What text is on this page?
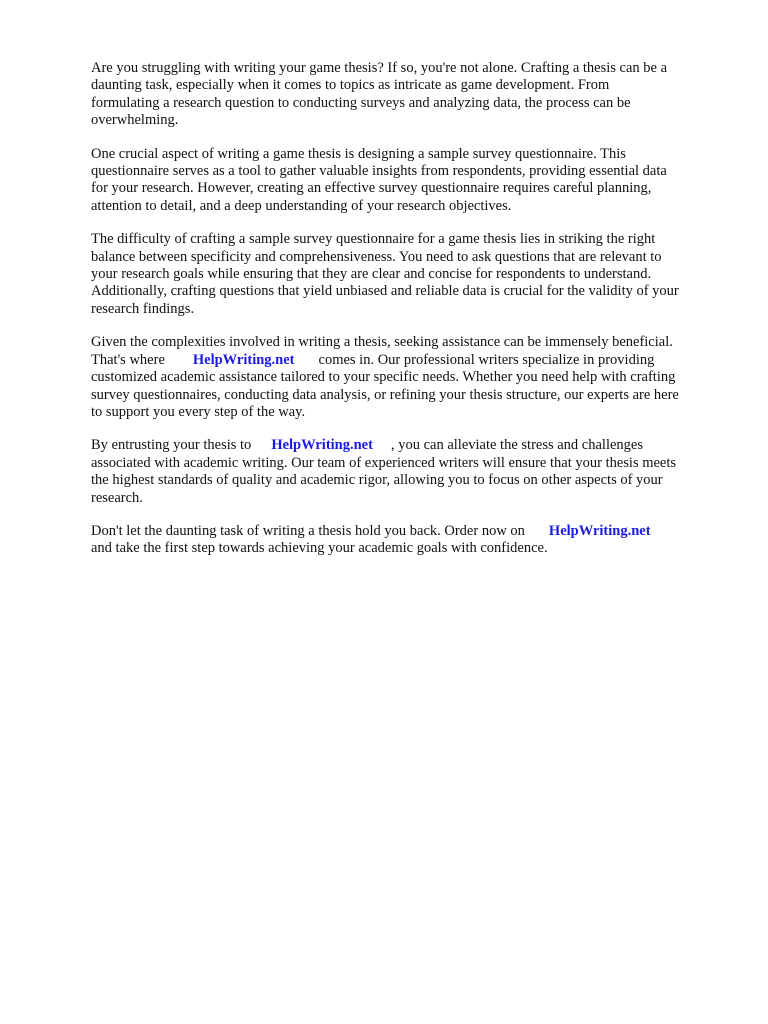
Are you struggling with writing your game thesis? If so, you're not alone. Crafting a thesis can be a
daunting task, especially when it comes to topics as intricate as game development. From
formulating a research question to conducting surveys and analyzing data, the process can be
overwhelming.

One crucial aspect of writing a game thesis is designing a sample survey questionnaire. This
questionnaire serves as a tool to gather valuable insights from respondents, providing essential data
for your research. However, creating an effective survey questionnaire requires careful planning,
attention to detail, and a deep understanding of your research objectives.

The difficulty of crafting a sample survey questionnaire for a game thesis lies in striking the right
balance between specificity and comprehensiveness. You need to ask questions that are relevant to
your research goals while ensuring that they are clear and concise for respondents to understand.
Additionally, crafting questions that yield unbiased and reliable data is crucial for the validity of your
research findings.

Given the complexities involved in writing a thesis, seeking assistance can be immensely beneficial.
That's where HelpWriting.net comes in. Our professional writers specialize in providing
customized academic assistance tailored to your specific needs. Whether you need help with crafting
survey questionnaires, conducting data analysis, or refining your thesis structure, our experts are here
to support you every step of the way.

By entrusting your thesis to HelpWriting.net , you can alleviate the stress and challenges
associated with academic writing. Our team of experienced writers will ensure that your thesis meets
the highest standards of quality and academic rigor, allowing you to focus on other aspects of your
research.

Don't let the daunting task of writing a thesis hold you back. Order now on HelpWriting.net
and take the first step towards achieving your academic goals with confidence.
